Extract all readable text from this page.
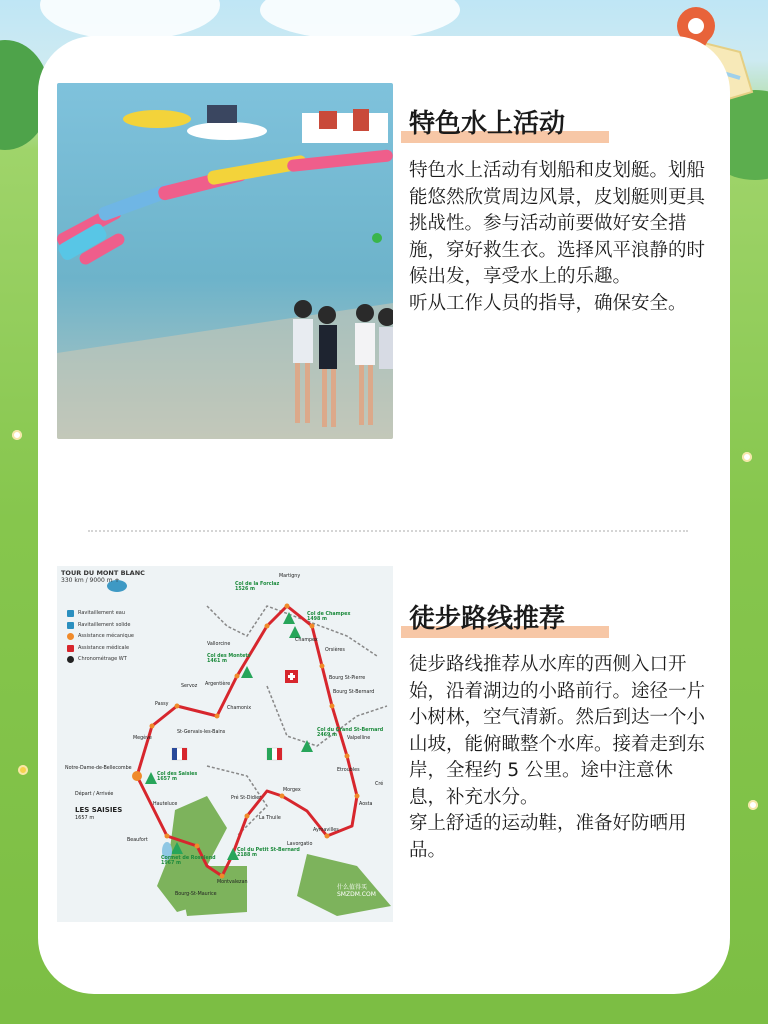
特色水上活动

特色水上活动有划船和皮划艇。划船能悠然欣赏周边风景，皮划艇则更具挑战性。参与活动前要做好安全措施，穿好救生衣。选择风平浪静的时候出发，享受水上的乐趣。

听从工作人员的指导，确保安全。

TOUR DU MONT BLANC
330 km / 9000 m +
Ravitaillement eau
Ravitaillement solide
Assistance mécanique
Assistance médicale
Chronométrage WT
Martigny
Champex
Orsières
Bourg St-Pierre
Bourg St-Bernard
Vallorcine
Argentière
Chamonix
Servoz
Passy
St-Gervais-les-Bains
Megève
Notre-Dame-de-Bellecombe
Départ / Arrivée
LES SAISIES
1657 m
Hauteluce
Beaufort
Bourg-St-Maurice
Montvalezan
La Thuile
Pré St-Didier
Morgex
Aymavilles
Lavorgatio
Aosta
Etroubles
Cré
Valpelline
Col de la Forclaz
1526 m
Col de Champex
1498 m
Col des Montets
1461 m
Col du Grand St-Bernard
2469 m
Col des Saisies
1657 m
Cormet de Roselend
1967 m
Col du Petit St-Bernard
2188 m
什么值得买
SMZDM.COM
徒步路线推荐

徒步路线推荐从水库的西侧入口开始，沿着湖边的小路前行。途径一片小树林，空气清新。然后到达一个小山坡，能俯瞰整个水库。接着走到东岸，全程约 5 公里。途中注意休息，补充水分。

穿上舒适的运动鞋，准备好防晒用品。
